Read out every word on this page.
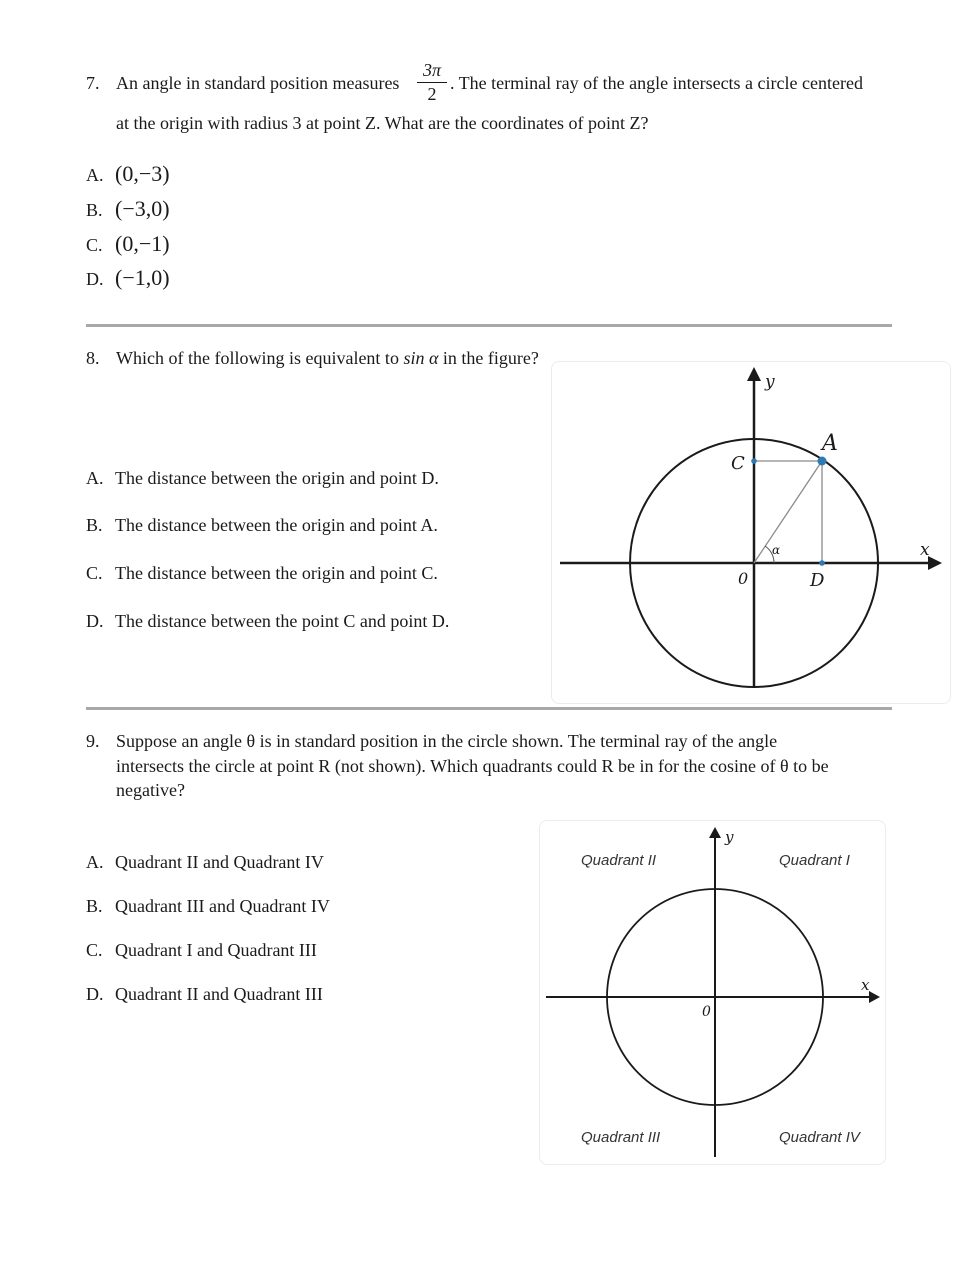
7. An angle in standard position measures
3π
2
. The terminal ray of the angle intersects a circle centered
at the origin with radius 3 at point Z. What are the coordinates of point Z?
A. (0,−3)
B. (−3,0)
C. (0,−1)
D. (−1,0)
8. Which of the following is equivalent to sin α in the figure?
A. The distance between the origin and point D.
B. The distance between the origin and point A.
C. The distance between the origin and point C.
D. The distance between the point C and point D.
y
x
0
A
C
D
α
9. Suppose an angle θ is in standard position in the circle shown. The terminal ray of the angle
intersects the circle at point R (not shown). Which quadrants could R be in for the cosine of θ to be
negative?
A. Quadrant II and Quadrant IV
B. Quadrant III and Quadrant IV
C. Quadrant I and Quadrant III
D. Quadrant II and Quadrant III
y
x
0
Quadrant II	Quadrant I
Quadrant III	Quadrant IV
